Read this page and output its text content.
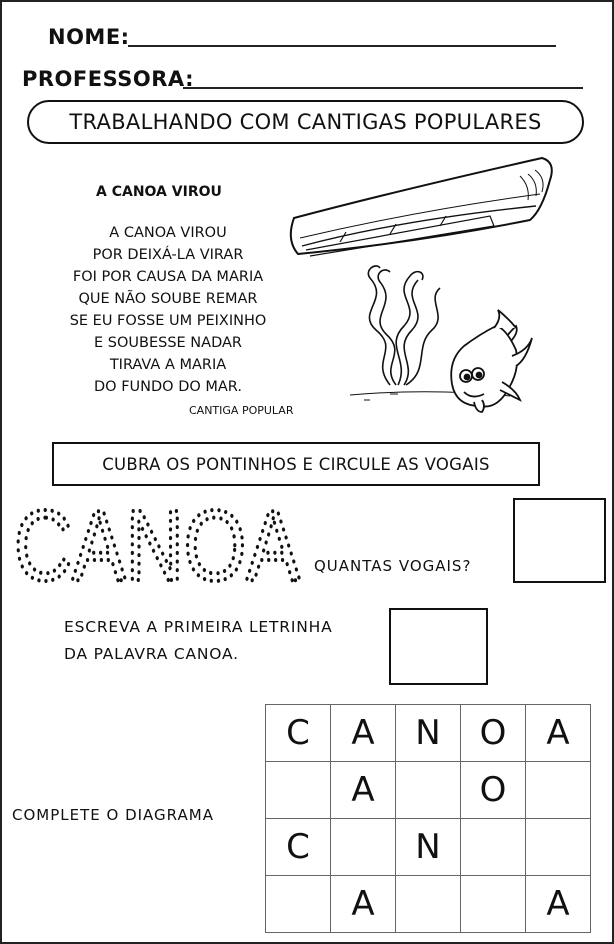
NOME:
PROFESSORA:
TRABALHANDO COM CANTIGAS POPULARES
A CANOA VIROU
A CANOA VIROU
POR DEIXÁ-LA VIRAR
FOI POR CAUSA DA MARIA
QUE NÃO SOUBE REMAR
SE EU FOSSE UM PEIXINHO
E SOUBESSE NADAR
TIRAVA A MARIA
DO FUNDO DO MAR.
CANTIGA POPULAR
CUBRA OS PONTINHOS E CIRCULE AS VOGAIS
CANOA QUANTAS VOGAIS?
ESCREVA A PRIMEIRA LETRINHA
DA PALAVRA CANOA.
COMPLETE O DIAGRAMA
C	A	N	O	A
	A		O	
C		N		
	A			A
